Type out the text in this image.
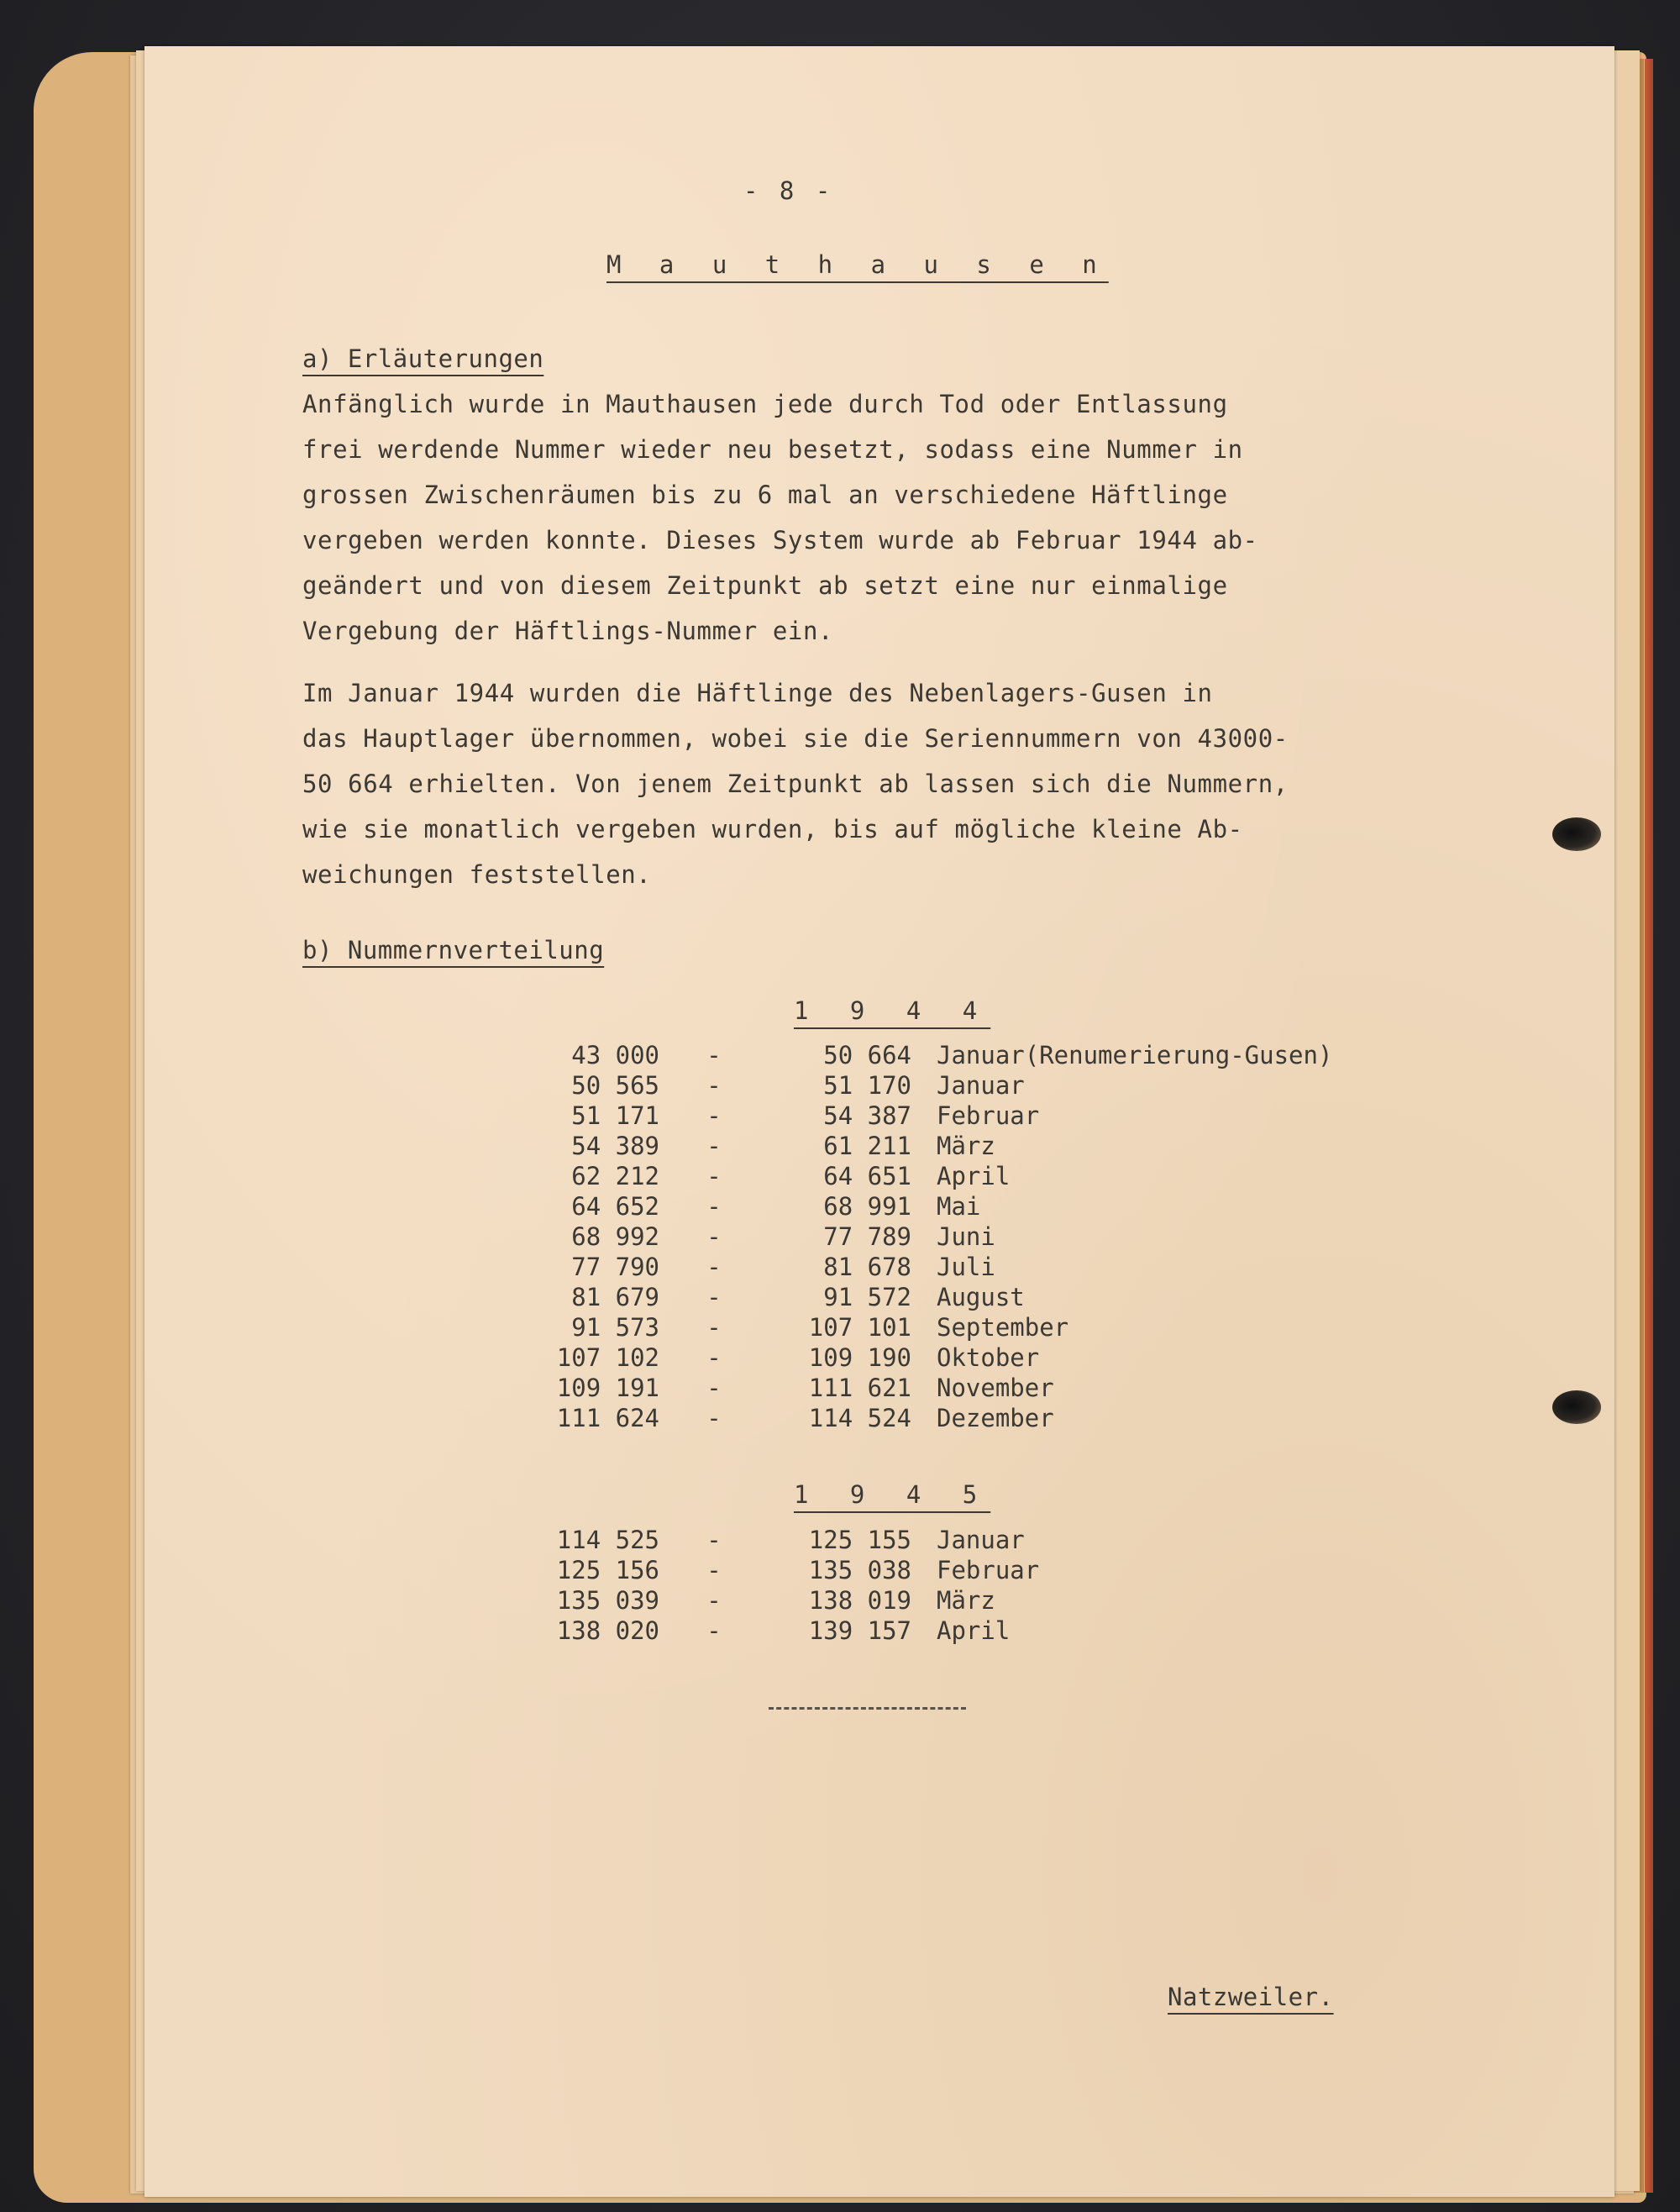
- 8 -
M a u t h a u s e n
a) Erläuterungen
Anfänglich wurde in Mauthausen jede durch Tod oder Entlassung
frei werdende Nummer wieder neu besetzt, sodass eine Nummer in
grossen Zwischenräumen bis zu 6 mal an verschiedene Häftlinge
vergeben werden konnte. Dieses System wurde ab Februar 1944 ab-
geändert und von diesem Zeitpunkt ab setzt eine nur einmalige
Vergebung der Häftlings-Nummer ein.
Im Januar 1944 wurden die Häftlinge des Nebenlagers-Gusen in
das Hauptlager übernommen, wobei sie die Seriennummern von 43000-
50 664 erhielten. Von jenem Zeitpunkt ab lassen sich die Nummern,
wie sie monatlich vergeben wurden, bis auf mögliche kleine Ab-
weichungen feststellen.
b) Nummernverteilung
1 9 4 4
43 000	-	50 664	Januar(Renumerierung-Gusen)
50 565	-	51 170	Januar
51 171	-	54 387	Februar
54 389	-	61 211	März
62 212	-	64 651	April
64 652	-	68 991	Mai
68 992	-	77 789	Juni
77 790	-	81 678	Juli
81 679	-	91 572	August
91 573	-	107 101	September
107 102	-	109 190	Oktober
109 191	-	111 621	November
111 624	-	114 524	Dezember
1 9 4 5
114 525	-	125 155	Januar
125 156	-	135 038	Februar
135 039	-	138 019	März
138 020	-	139 157	April
Natzweiler.
